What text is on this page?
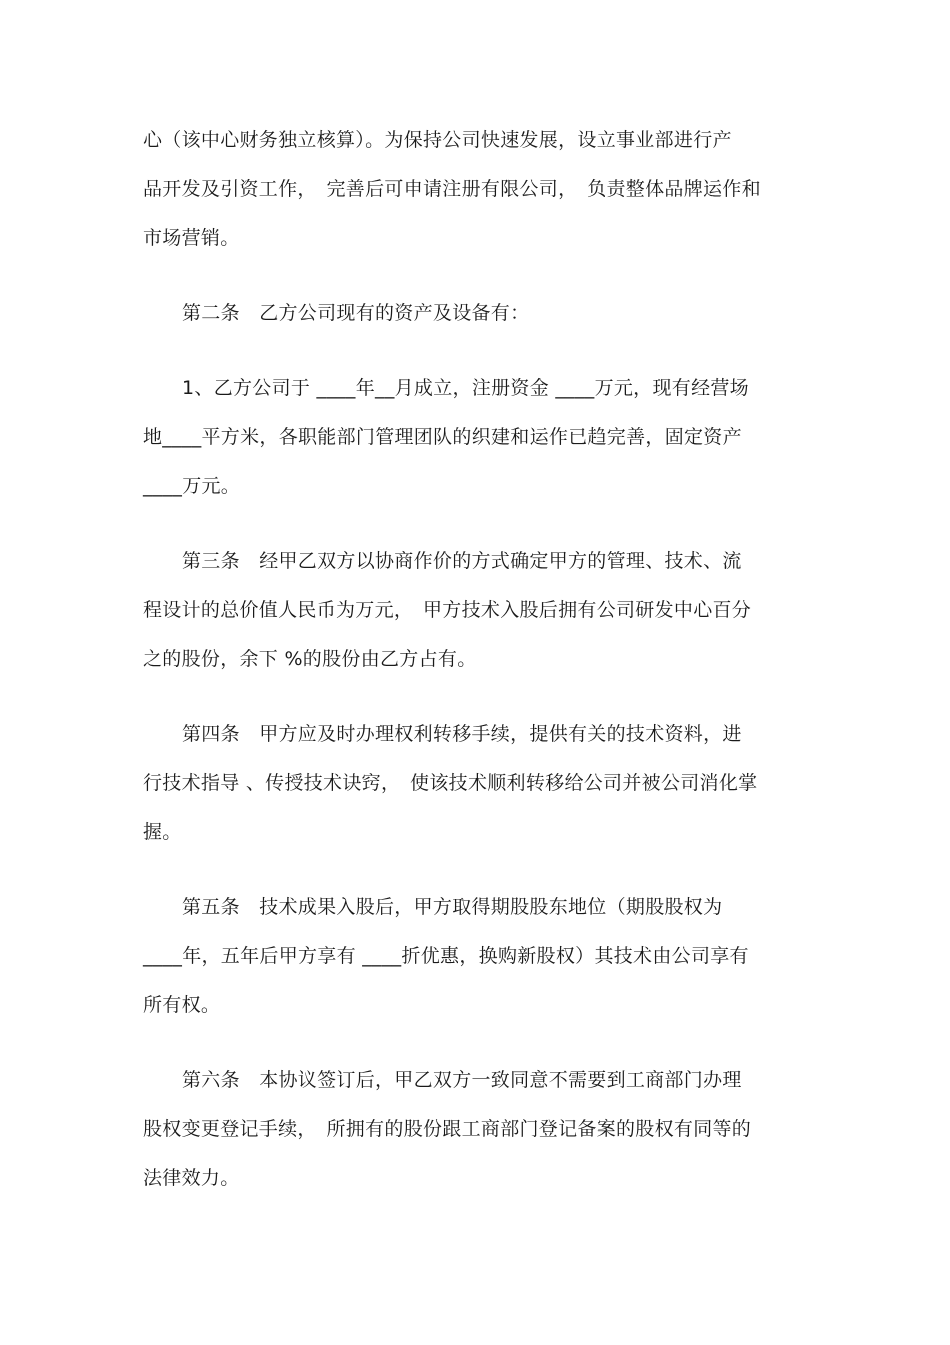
心（该中心财务独立核算）。为保持公司快速发展，设立事业部进行产
品开发及引资工作，　完善后可申请注册有限公司，　负责整体品牌运作和
市场营销。
第二条　乙方公司现有的资产及设备有：
1、乙方公司于 ____年__月成立，注册资金 ____万元，现有经营场
地____平方米，各职能部门管理团队的织建和运作已趋完善，固定资产
____万元。
第三条　经甲乙双方以协商作价的方式确定甲方的管理、技术、流
程设计的总价值人民币为万元，　甲方技术入股后拥有公司研发中心百分
之的股份，余下 %的股份由乙方占有。
第四条　甲方应及时办理权利转移手续，提供有关的技术资料，进
行技术指导 、传授技术诀窍，　使该技术顺利转移给公司并被公司消化掌
握。
第五条　技术成果入股后，甲方取得期股股东地位（期股股权为
____年，五年后甲方享有 ____折优惠，换购新股权）其技术由公司享有
所有权。
第六条　本协议签订后，甲乙双方一致同意不需要到工商部门办理
股权变更登记手续，　所拥有的股份跟工商部门登记备案的股权有同等的
法律效力。
